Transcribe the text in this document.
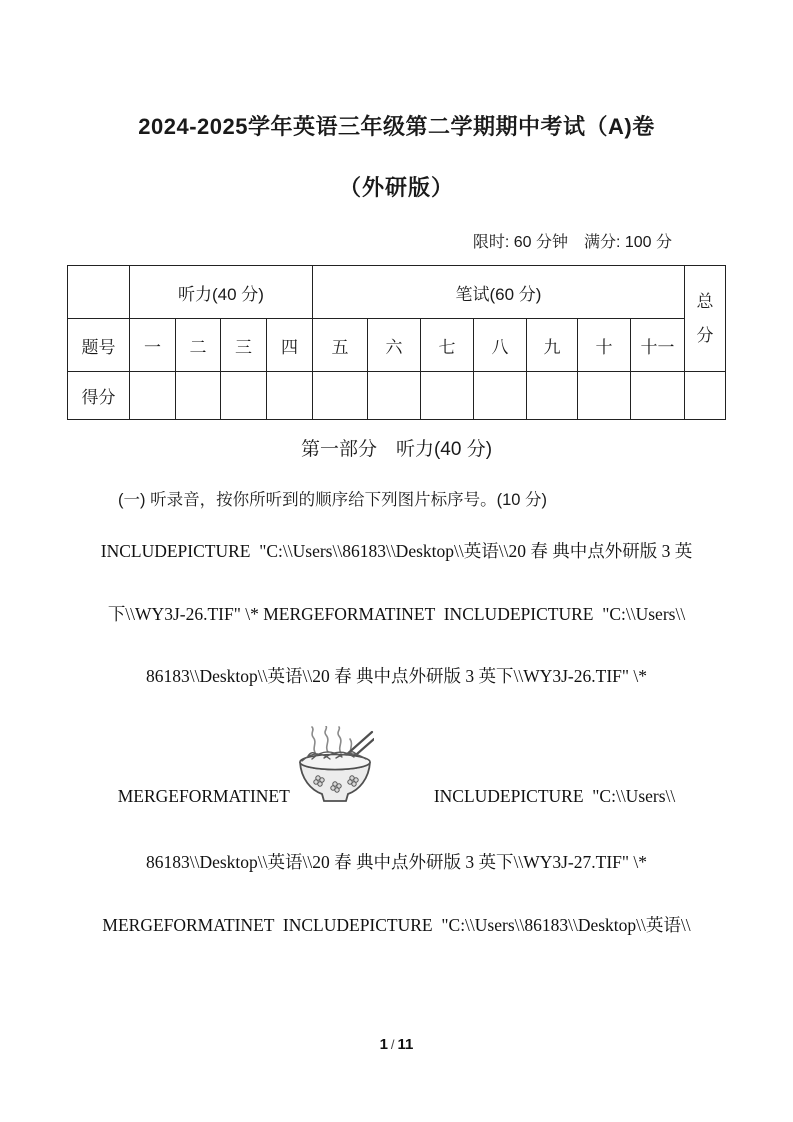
2024-2025学年英语三年级第二学期期中考试（A)卷
（外研版）
限时: 60 分钟　满分: 100 分
	听力(40 分)				笔试(60 分)							总
分

题号	一	二	三	四	五	六	七	八	九	十	十一	
得分												
第一部分　听力(40 分)
(一) 听录音，按你所听到的顺序给下列图片标序号。(10 分)
INCLUDEPICTURE  "C:\\Users\\86183\\Desktop\\英语\\20 春 典中点外研版 3 英
下\\WY3J-26.TIF" \* MERGEFORMATINET  INCLUDEPICTURE  "C:\\Users\\
86183\\Desktop\\英语\\20 春 典中点外研版 3 英下\\WY3J-26.TIF" \*
MERGEFORMATINET	INCLUDEPICTURE  "C:\\Users\\
86183\\Desktop\\英语\\20 春 典中点外研版 3 英下\\WY3J-27.TIF" \*
MERGEFORMATINET  INCLUDEPICTURE  "C:\\Users\\86183\\Desktop\\英语\\
1 / 11
